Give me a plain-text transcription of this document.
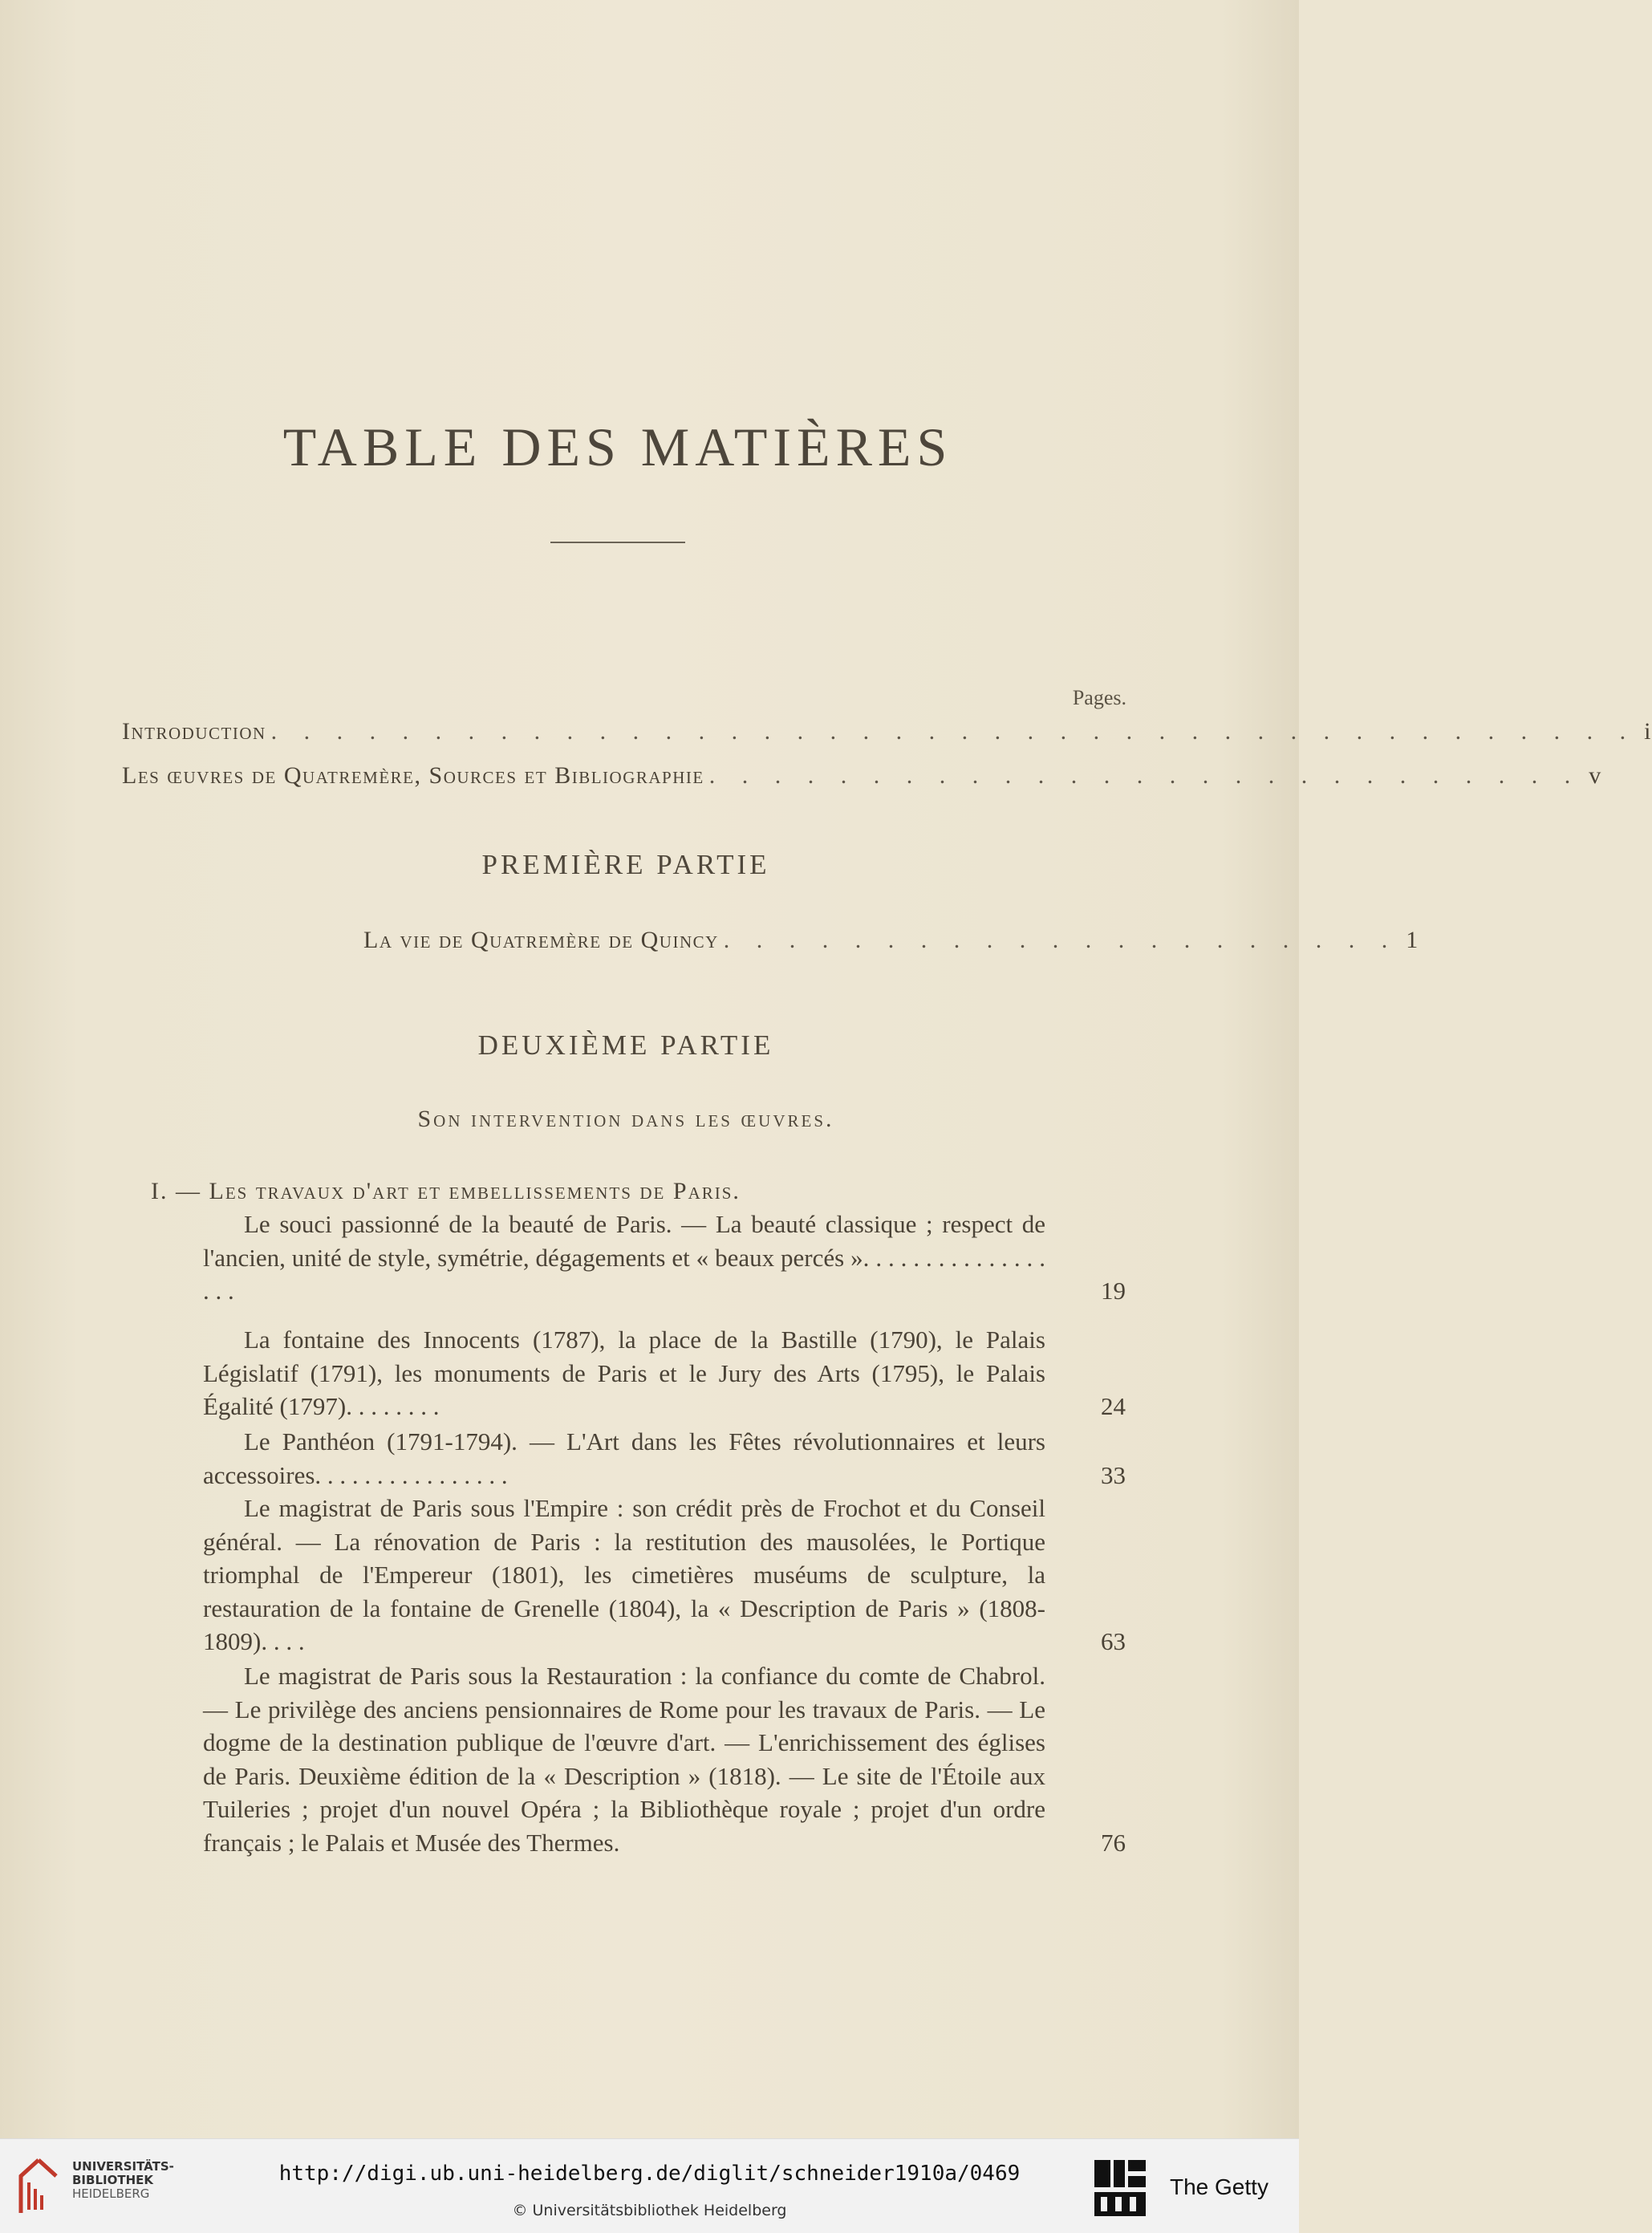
TABLE DES MATIÈRES
Pages.
Introduction . . . . . . . . . . . . . . . . . . . . . . . . . . . . . . . . . . . . . . . . . . i
Les œuvres de Quatremère, Sources et Bibliographie . . . . . . . . . . . . . . . . . . . . . . . . . . . v
PREMIÈRE PARTIE
La vie de Quatremère de Quincy . . . . . . . . . . . . . . . . . . . . . 1
DEUXIÈME PARTIE
Son intervention dans les œuvres.
I. — Les travaux d'art et embellissements de Paris.
Le souci passionné de la beauté de Paris. — La beauté classique ; respect de l'ancien, unité de style, symétrie, dégagements et « beaux percés ». . . . . . . . . . . . . . . . . .	19
La fontaine des Innocents (1787), la place de la Bastille (1790), le Palais Législatif (1791), les monuments de Paris et le Jury des Arts (1795), le Palais Égalité (1797). . . . . . . .	24
Le Panthéon (1791-1794). — L'Art dans les Fêtes révolutionnaires et leurs accessoires. . . . . . . . . . . . . . . .	33
Le magistrat de Paris sous l'Empire : son crédit près de Frochot et du Conseil général. — La rénovation de Paris : la restitution des mausolées, le Portique triomphal de l'Empereur (1801), les cimetières muséums de sculpture, la restauration de la fontaine de Grenelle (1804), la « Description de Paris » (1808-1809). . . .	63
Le magistrat de Paris sous la Restauration : la confiance du comte de Chabrol. — Le privilège des anciens pensionnaires de Rome pour les travaux de Paris. — Le dogme de la destination publique de l'œuvre d'art. — L'enrichissement des églises de Paris. Deuxième édition de la « Description » (1818). — Le site de l'Étoile aux Tuileries ; projet d'un nouvel Opéra ; la Bibliothèque royale ; projet d'un ordre français ; le Palais et Musée des Thermes.	76
UNIVERSITÄTS-
BIBLIOTHEK
HEIDELBERG
http://digi.ub.uni-heidelberg.de/diglit/schneider1910a/0469
© Universitätsbibliothek Heidelberg
The Getty
